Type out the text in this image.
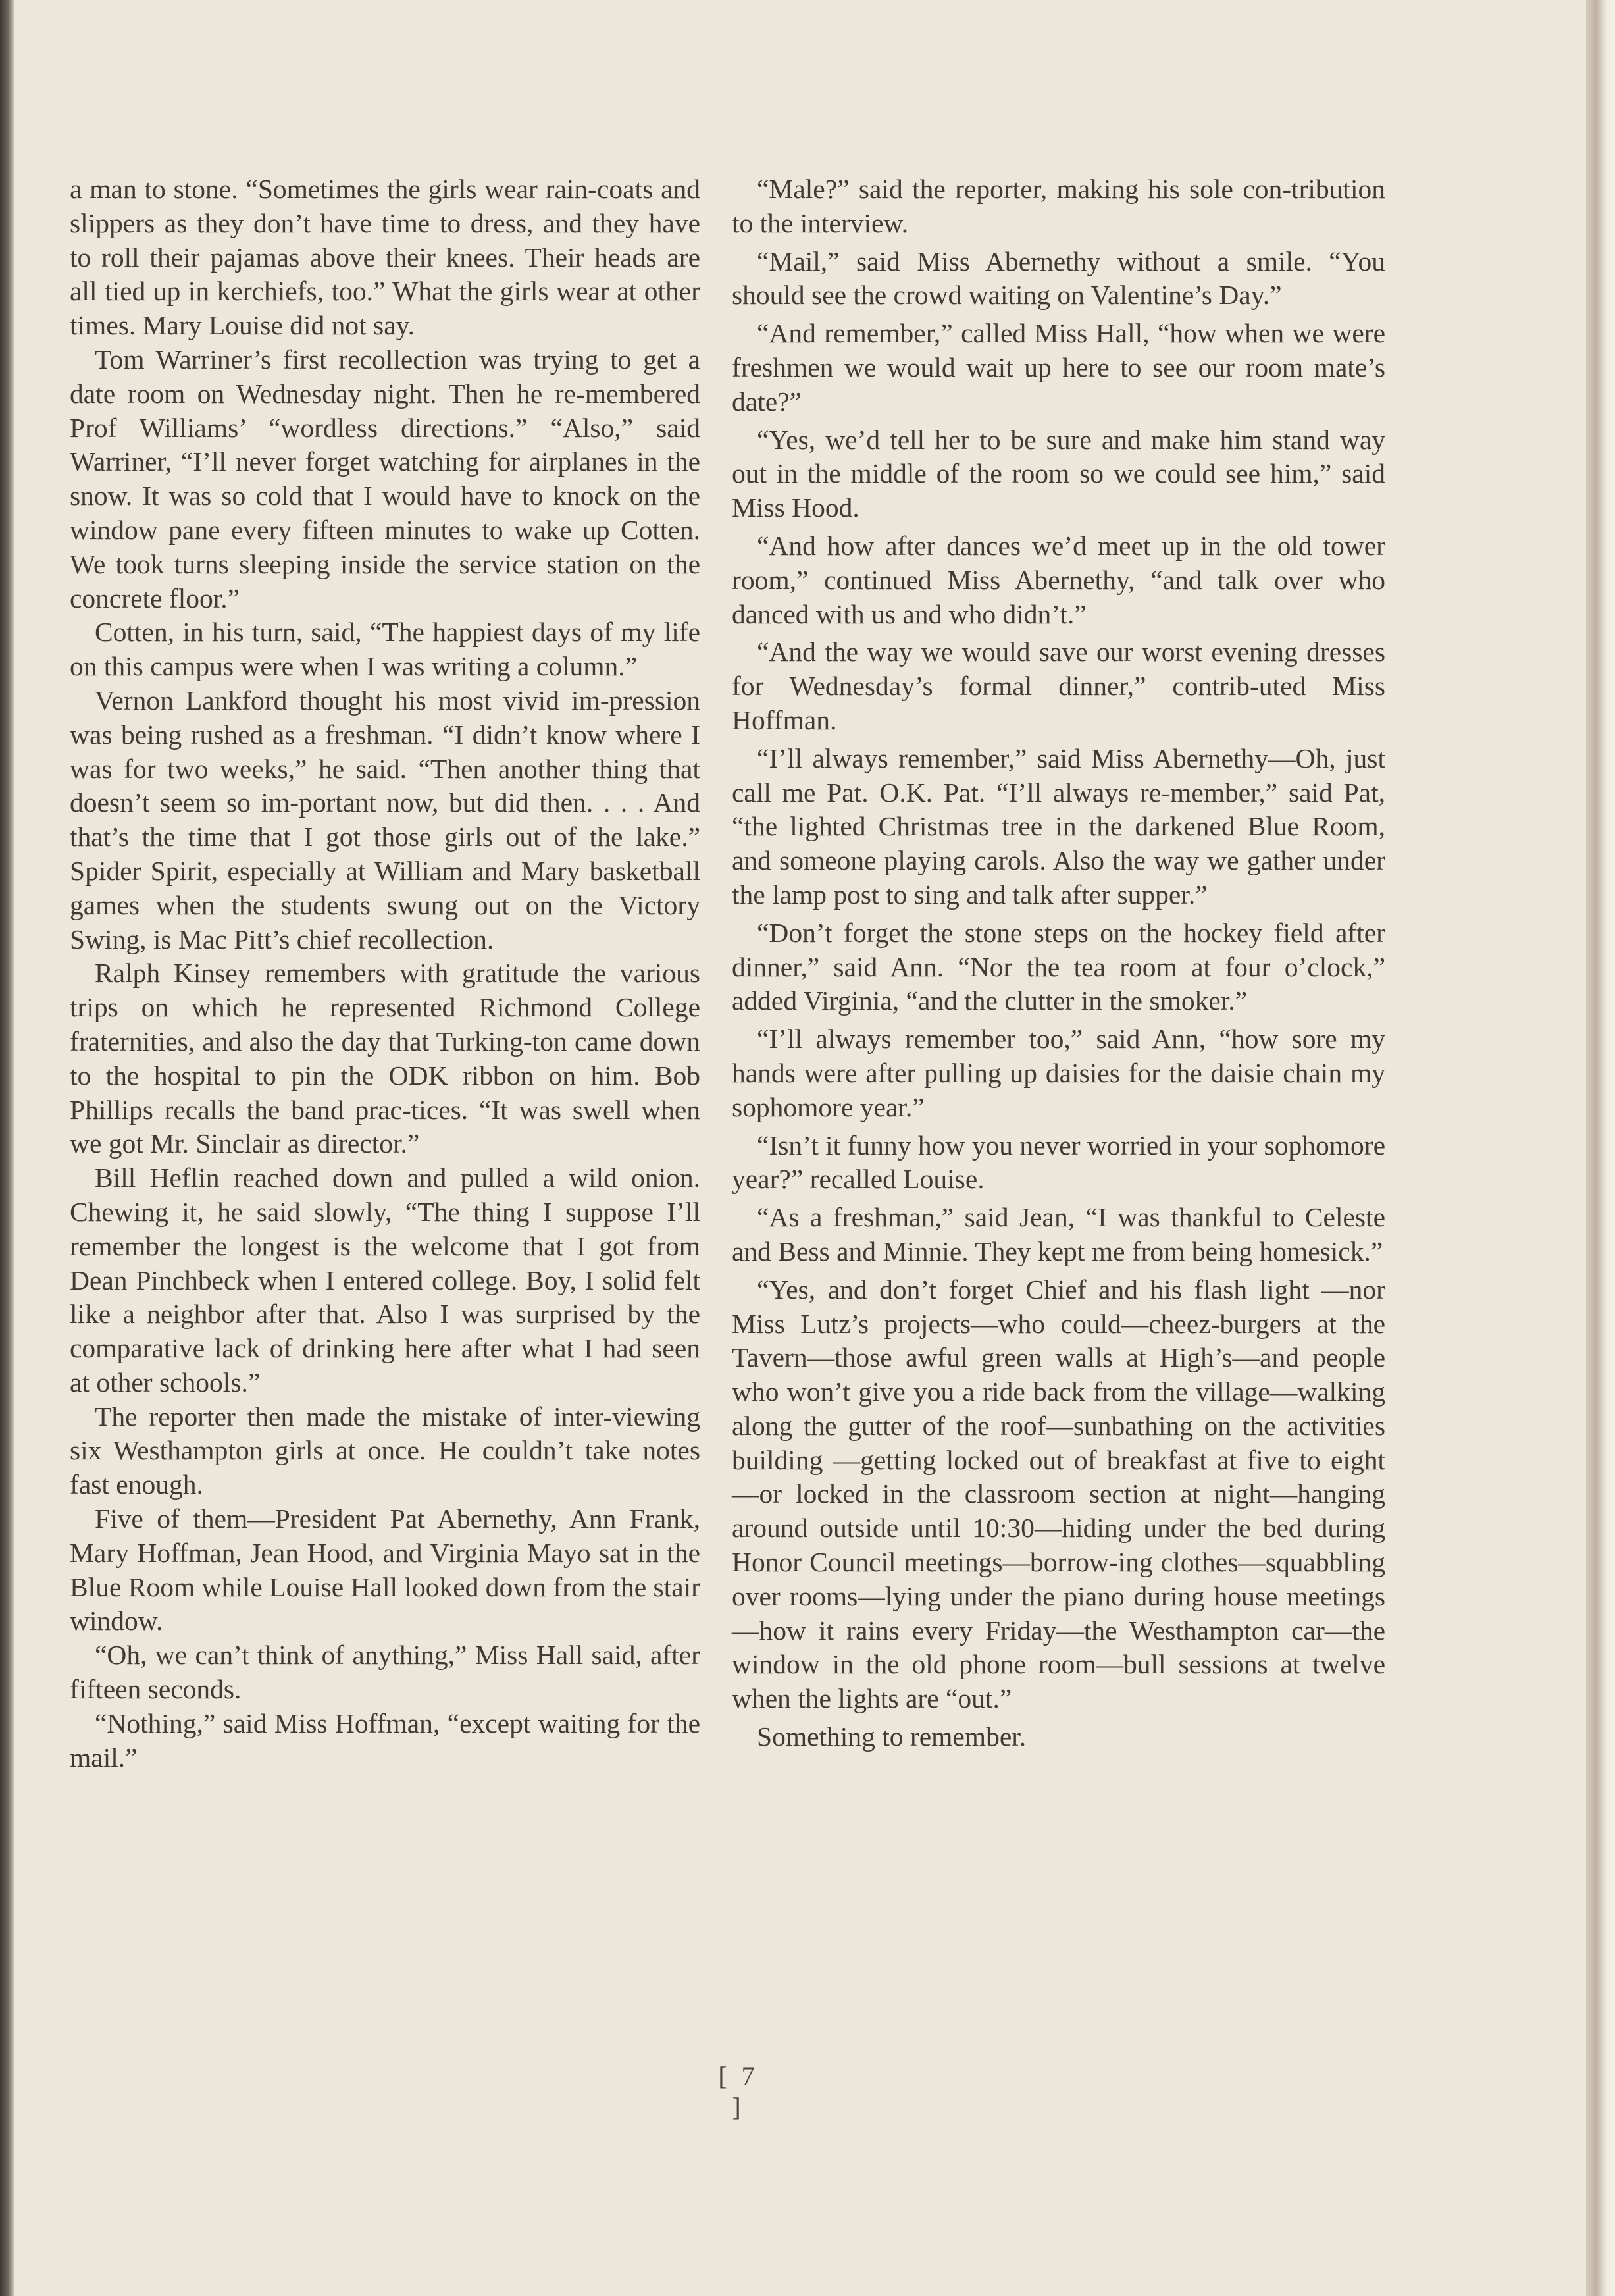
a man to stone. “Sometimes the girls wear rain-coats and slippers as they don’t have time to dress, and they have to roll their pajamas above their knees. Their heads are all tied up in kerchiefs, too.” What the girls wear at other times. Mary Louise did not say.

Tom Warriner’s first recollection was trying to get a date room on Wednesday night. Then he re-membered Prof Williams’ “wordless directions.” “Also,” said Warriner, “I’ll never forget watching for airplanes in the snow. It was so cold that I would have to knock on the window pane every fifteen minutes to wake up Cotten. We took turns sleeping inside the service station on the concrete floor.”

Cotten, in his turn, said, “The happiest days of my life on this campus were when I was writing a column.”

Vernon Lankford thought his most vivid im-pression was being rushed as a freshman. “I didn’t know where I was for two weeks,” he said. “Then another thing that doesn’t seem so im-portant now, but did then. . . . And that’s the time that I got those girls out of the lake.” Spider Spirit, especially at William and Mary basketball games when the students swung out on the Victory Swing, is Mac Pitt’s chief recollection.

Ralph Kinsey remembers with gratitude the various trips on which he represented Richmond College fraternities, and also the day that Turking-ton came down to the hospital to pin the ODK ribbon on him. Bob Phillips recalls the band prac-tices. “It was swell when we got Mr. Sinclair as director.”

Bill Heflin reached down and pulled a wild onion. Chewing it, he said slowly, “The thing I suppose I’ll remember the longest is the welcome that I got from Dean Pinchbeck when I entered college. Boy, I solid felt like a neighbor after that. Also I was surprised by the comparative lack of drinking here after what I had seen at other schools.”

The reporter then made the mistake of inter-viewing six Westhampton girls at once. He couldn’t take notes fast enough.

Five of them—President Pat Abernethy, Ann Frank, Mary Hoffman, Jean Hood, and Virginia Mayo sat in the Blue Room while Louise Hall looked down from the stair window.

“Oh, we can’t think of anything,” Miss Hall said, after fifteen seconds.

“Nothing,” said Miss Hoffman, “except waiting for the mail.”

“Male?” said the reporter, making his sole con-tribution to the interview.

“Mail,” said Miss Abernethy without a smile. “You should see the crowd waiting on Valentine’s Day.”

“And remember,” called Miss Hall, “how when we were freshmen we would wait up here to see our room mate’s date?”

“Yes, we’d tell her to be sure and make him stand way out in the middle of the room so we could see him,” said Miss Hood.

“And how after dances we’d meet up in the old tower room,” continued Miss Abernethy, “and talk over who danced with us and who didn’t.”

“And the way we would save our worst evening dresses for Wednesday’s formal dinner,” contrib-uted Miss Hoffman.

“I’ll always remember,” said Miss Abernethy—Oh, just call me Pat. O.K. Pat. “I’ll always re-member,” said Pat, “the lighted Christmas tree in the darkened Blue Room, and someone playing carols. Also the way we gather under the lamp post to sing and talk after supper.”

“Don’t forget the stone steps on the hockey field after dinner,” said Ann. “Nor the tea room at four o’clock,” added Virginia, “and the clutter in the smoker.”

“I’ll always remember too,” said Ann, “how sore my hands were after pulling up daisies for the daisie chain my sophomore year.”

“Isn’t it funny how you never worried in your sophomore year?” recalled Louise.

“As a freshman,” said Jean, “I was thankful to Celeste and Bess and Minnie. They kept me from being homesick.”

“Yes, and don’t forget Chief and his flash light —nor Miss Lutz’s projects—who could—cheez-burgers at the Tavern—those awful green walls at High’s—and people who won’t give you a ride back from the village—walking along the gutter of the roof—sunbathing on the activities building —getting locked out of breakfast at five to eight —or locked in the classroom section at night—hanging around outside until 10:30—hiding under the bed during Honor Council meetings—borrow-ing clothes—squabbling over rooms—lying under the piano during house meetings—how it rains every Friday—the Westhampton car—the window in the old phone room—bull sessions at twelve when the lights are “out.”

Something to remember.

[ 7 ]
